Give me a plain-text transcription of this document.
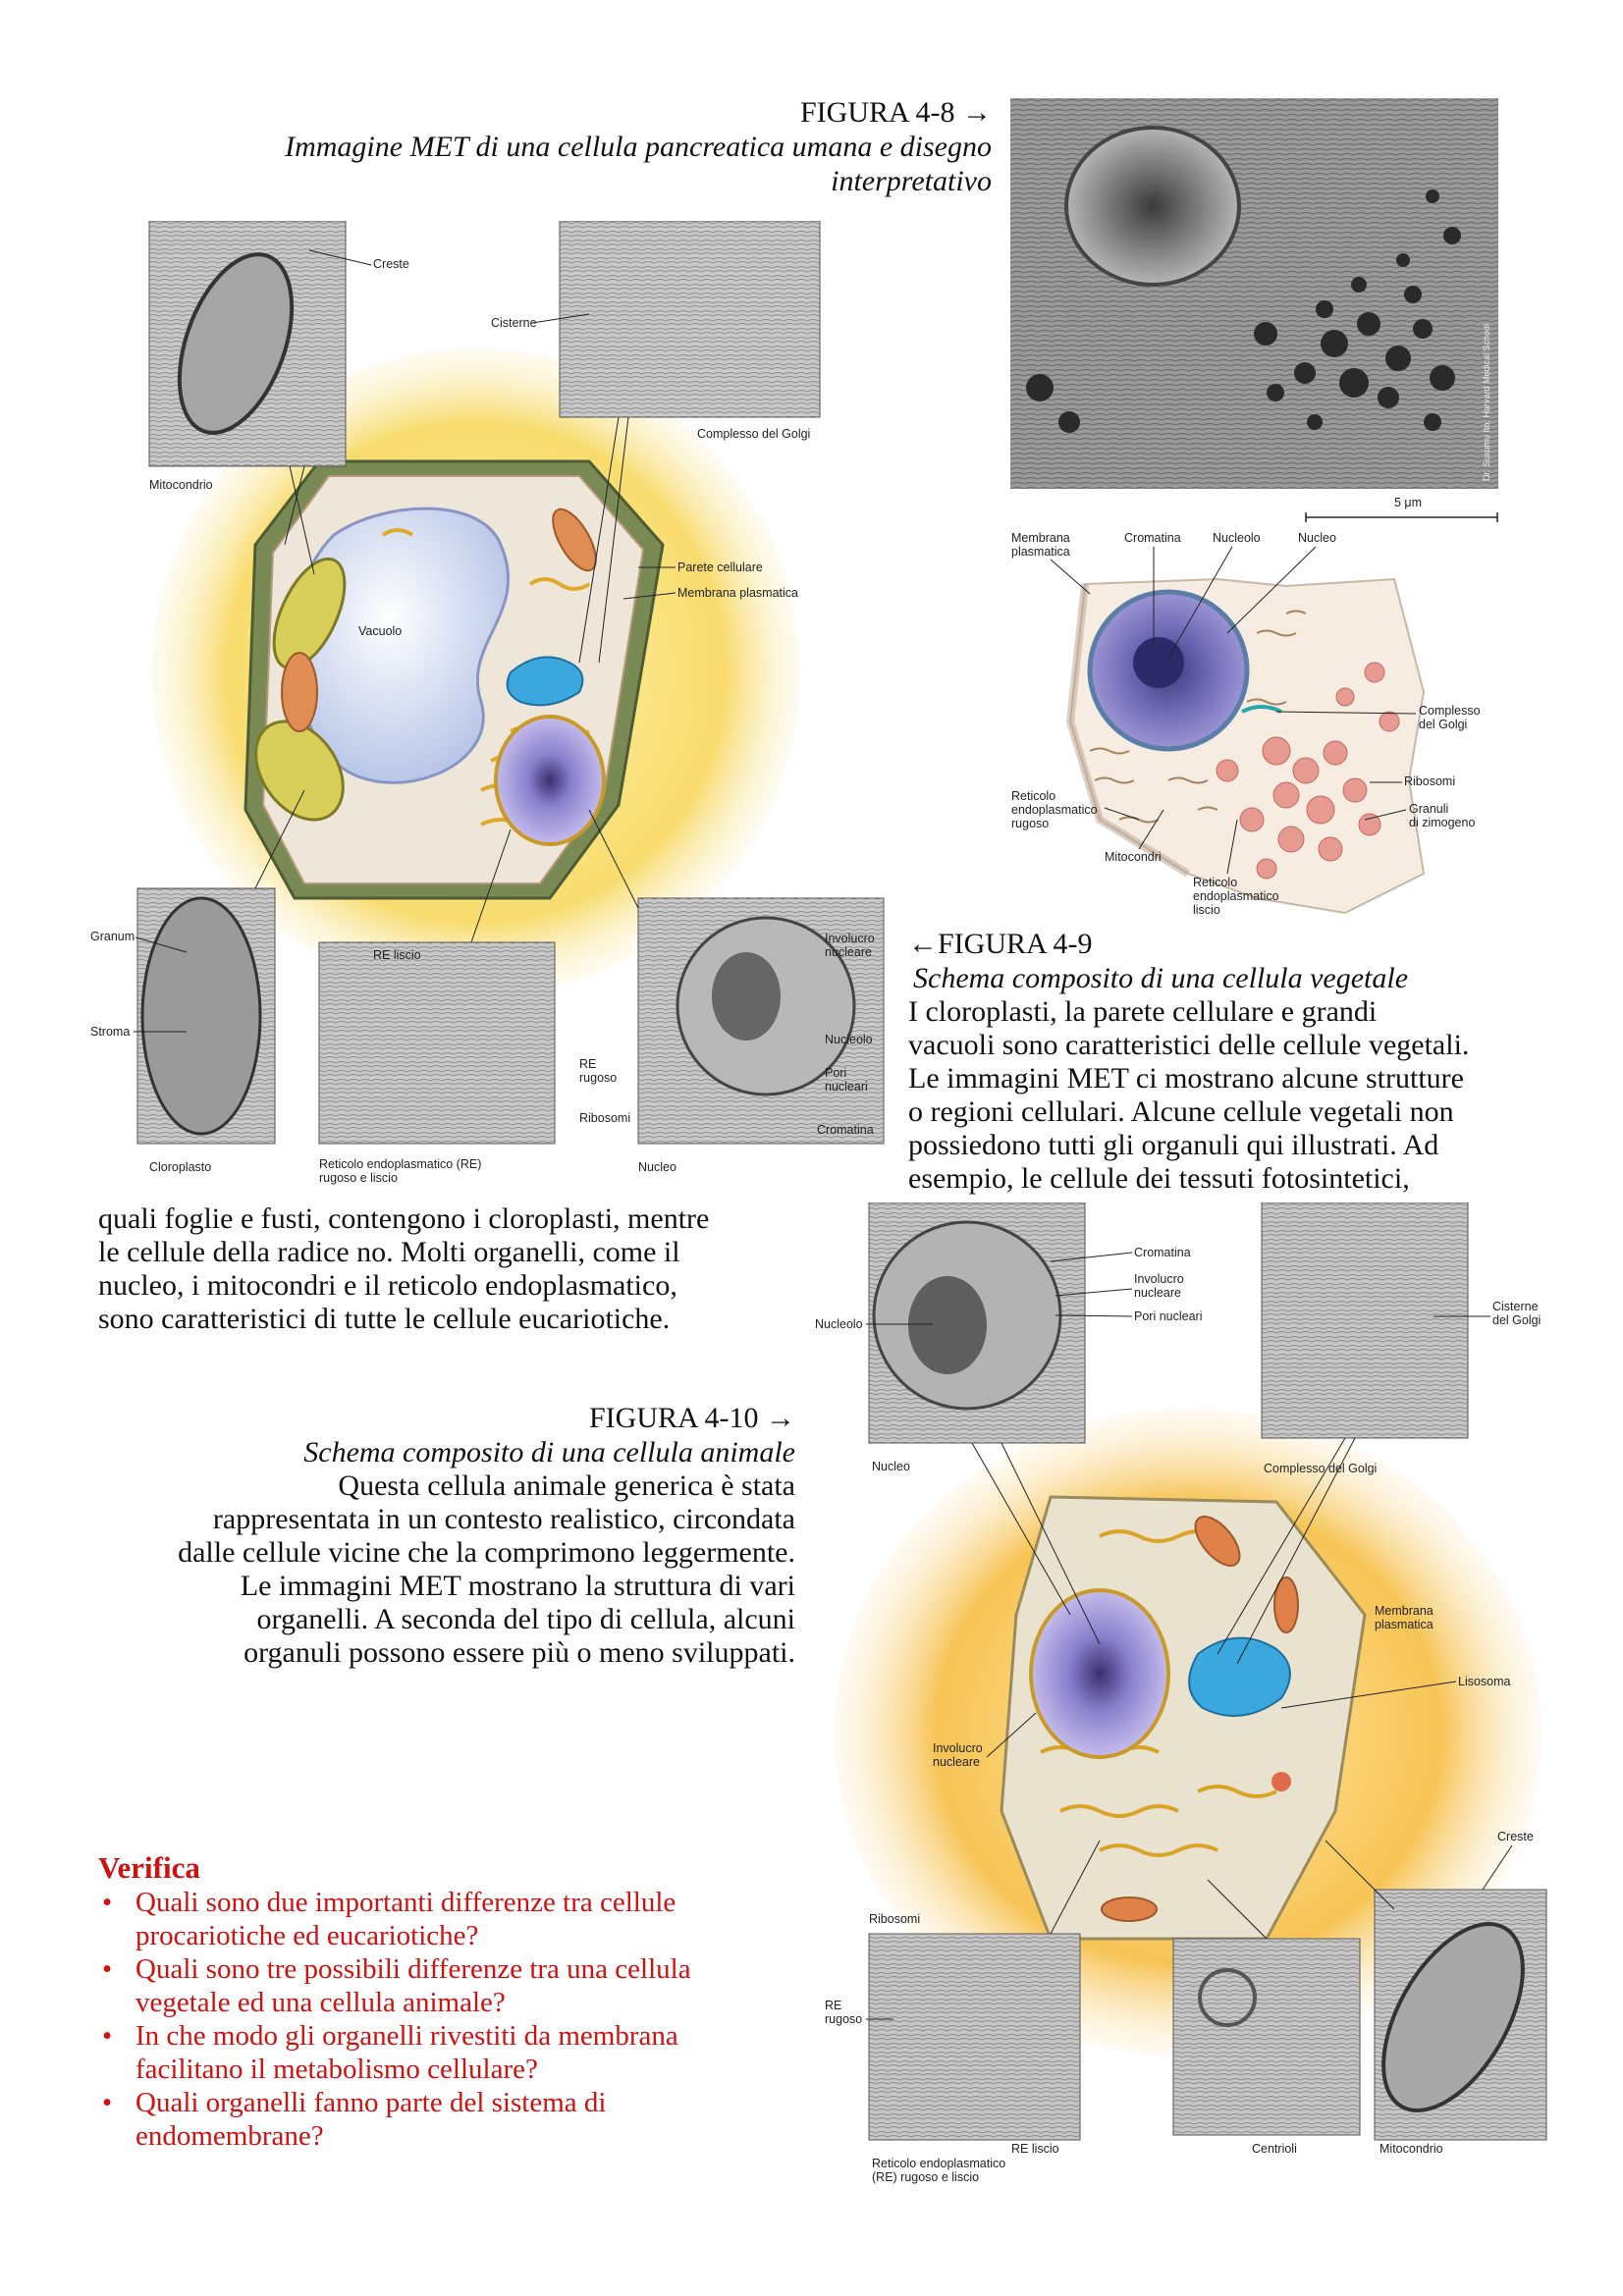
FIGURA 4-8 →
Immagine MET di una cellula pancreatica umana e disegno
interpretativo
Dr. Susumu Ito, Harvard Medical School
5 μm
Membrana
plasmatica
Cromatina	Nucleolo	Nucleo
Complesso
del Golgi
Ribosomi
Granuli
di zimogeno
Reticolo
endoplasmatico
rugoso
Mitocondri
Reticolo
endoplasmatico
liscio
Vacuolo
Creste
Mitocondrio
Cisterne
Complesso del Golgi
Parete cellulare
Membrana plasmatica
Granum
Stroma
Cloroplasto
RE liscio
RE
rugoso
Ribosomi
Reticolo endoplasmatico (RE)
rugoso e liscio
Involucro
nucleare
Nucleolo
Pori
nucleari
Cromatina
Nucleo
←FIGURA 4-9
Schema composito di una cellula vegetale
I cloroplasti, la parete cellulare e grandi
vacuoli sono caratteristici delle cellule vegetali.
Le immagini MET ci mostrano alcune strutture
o regioni cellulari. Alcune cellule vegetali non
possiedono tutti gli organuli qui illustrati. Ad
esempio, le cellule dei tessuti fotosintetici,
quali foglie e fusti, contengono i cloroplasti, mentre
le cellule della radice no. Molti organelli, come il
nucleo, i mitocondri e il reticolo endoplasmatico,
sono caratteristici di tutte le cellule eucariotiche.
FIGURA 4-10 →
Schema composito di una cellula animale
Questa cellula animale generica è stata
rappresentata in un contesto realistico, circondata
dalle cellule vicine che la comprimono leggermente.
Le immagini MET mostrano la struttura di vari
organelli. A seconda del tipo di cellula, alcuni
organuli possono essere più o meno sviluppati.
Cromatina
Involucro
nucleare
Nucleolo
Pori nucleari
Nucleo
Cisterne
del Golgi
Complesso del Golgi
Membrana
plasmatica
Lisosoma
Involucro
nucleare
Creste
Ribosomi
RE
rugoso
RE liscio	Centrioli	Mitocondrio
Reticolo endoplasmatico
(RE) rugoso e liscio
Verifica
• Quali sono due importanti differenze tra cellule
procariotiche ed eucariotiche?
• Quali sono tre possibili differenze tra una cellula
vegetale ed una cellula animale?
• In che modo gli organelli rivestiti da membrana
facilitano il metabolismo cellulare?
• Quali organelli fanno parte del sistema di
endomembrane?
